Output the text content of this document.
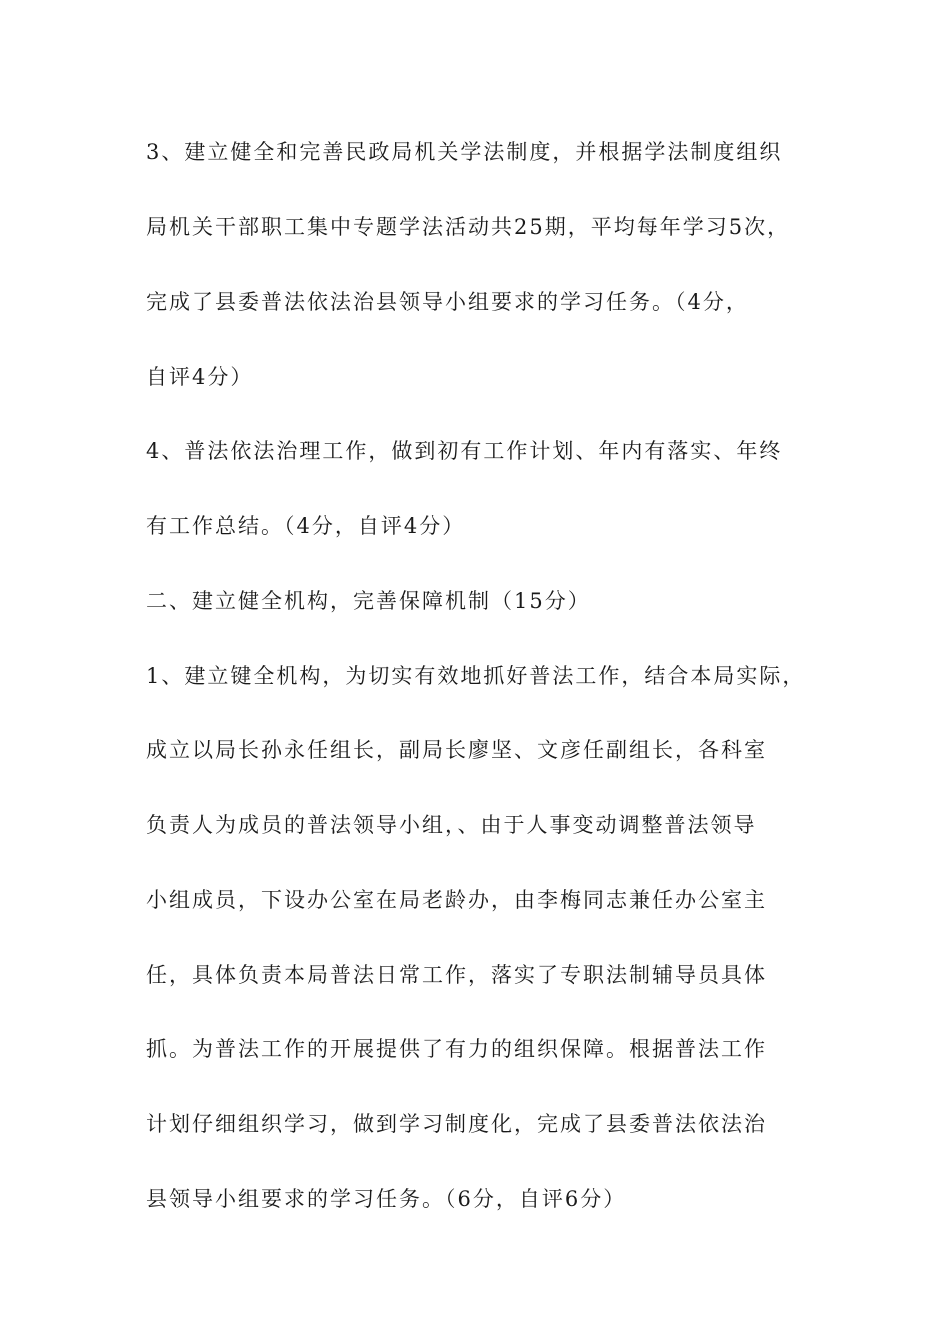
3、建立健全和完善民政局机关学法制度，并根据学法制度组织
局机关干部职工集中专题学法活动共25期，平均每年学习5次，
完成了县委普法依法治县领导小组要求的学习任务。（4分，
自评4分）
4、普法依法治理工作，做到初有工作计划、年内有落实、年终
有工作总结。（4分，自评4分）
二、建立健全机构，完善保障机制（15分）
1、建立键全机构，为切实有效地抓好普法工作，结合本局实际，
成立以局长孙永任组长，副局长廖坚、文彦任副组长，各科室
负责人为成员的普法领导小组，、由于人事变动调整普法领导
小组成员，下设办公室在局老龄办，由李梅同志兼任办公室主
任，具体负责本局普法日常工作，落实了专职法制辅导员具体
抓。为普法工作的开展提供了有力的组织保障。根据普法工作
计划仔细组织学习，做到学习制度化，完成了县委普法依法治
县领导小组要求的学习任务。（6分，自评6分）
